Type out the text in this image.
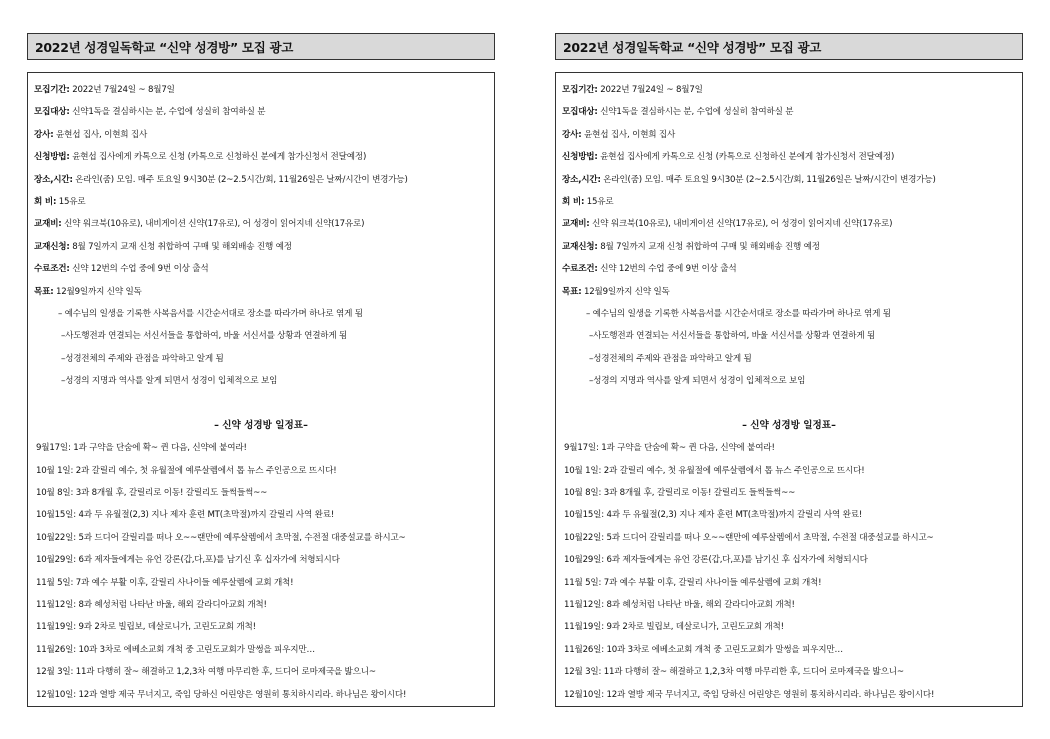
2022년 성경일독학교 “신약 성경방” 모집 광고
모집기간: 2022년 7월24일 ~ 8월7일
모집대상: 신약1독을 결심하시는 분, 수업에 성실히 참여하실 분
강사: 윤현섭 집사, 이현희 집사
신청방법: 윤현섭 집사에게 카톡으로 신청 (카톡으로 신청하신 분에게 참가신청서 전달예정)
장소,시간: 온라인(줌) 모임. 매주 토요일 9시30분 (2~2.5시간/회, 11월26일은 날짜/시간이 변경가능)
회 비: 15유로
교재비: 신약 워크북(10유로), 내비게이션 신약(17유로), 어 성경이 읽어지네 신약(17유로)
교재신청: 8월 7일까지 교재 신청 취합하여 구매 및 해외배송 진행 예정
수료조건: 신약 12번의 수업 중에 9번 이상 출석
목표: 12월9일까지 신약 일독
– 예수님의 일생을 기록한 사복음서를 시간순서대로 장소를 따라가며 하나로 엮게 됨
–사도행전과 연결되는 서신서들을 통합하여, 바울 서신서를 상황과 연결하게 됨
–성경전체의 주제와 관점을 파악하고 알게 됨
–성경의 지명과 역사를 알게 되면서 성경이 입체적으로 보임
– 신약 성경방 일정표–
9월17일: 1과 구약을 단숨에 확~ 퀸 다음, 신약에 붙여라!
10월 1일: 2과 갈릴리 예수, 첫 유월절에 예루살렘에서 톱 뉴스 주인공으로 뜨시다!
10월 8일: 3과 8개월 후, 갈릴리로 이동! 갈릴리도 들썩들썩~~
10월15일: 4과 두 유월절(2,3) 지나 제자 훈련 MT(초막절)까지 갈릴리 사역 완료!
10월22일: 5과 드디어 갈릴리를 떠나 오~~랜만에 예루살렘에서 초막절, 수전절 대중설교를 하시고~
10월29일: 6과 제자들에게는 유언 강론(갑,다,포)를 남기신 후 십자가에 처형되시다
11월 5일: 7과 예수 부활 이후, 갈릴리 사나이들 예루살렘에 교회 개척!
11월12일: 8과 혜성처럼 나타난 바울, 해외 갈라디아교회 개척!
11월19일: 9과 2차로 빌립보, 데살로니가, 고린도교회 개척!
11월26일: 10과 3차로 에베소교회 개척 중 고린도교회가 말썽을 피우지만…
12월 3일: 11과 다행히 잘~ 해결하고 1,2,3차 여행 마무리한 후, 드디어 로마제국을 밟으니~
12월10일: 12과 열방 제국 무너지고, 죽임 당하신 어린양은 영원히 통치하시리라. 하나님은 왕이시다!
2022년 성경일독학교 “신약 성경방” 모집 광고
모집기간: 2022년 7월24일 ~ 8월7일
모집대상: 신약1독을 결심하시는 분, 수업에 성실히 참여하실 분
강사: 윤현섭 집사, 이현희 집사
신청방법: 윤현섭 집사에게 카톡으로 신청 (카톡으로 신청하신 분에게 참가신청서 전달예정)
장소,시간: 온라인(줌) 모임. 매주 토요일 9시30분 (2~2.5시간/회, 11월26일은 날짜/시간이 변경가능)
회 비: 15유로
교재비: 신약 워크북(10유로), 내비게이션 신약(17유로), 어 성경이 읽어지네 신약(17유로)
교재신청: 8월 7일까지 교재 신청 취합하여 구매 및 해외배송 진행 예정
수료조건: 신약 12번의 수업 중에 9번 이상 출석
목표: 12월9일까지 신약 일독
– 예수님의 일생을 기록한 사복음서를 시간순서대로 장소를 따라가며 하나로 엮게 됨
–사도행전과 연결되는 서신서들을 통합하여, 바울 서신서를 상황과 연결하게 됨
–성경전체의 주제와 관점을 파악하고 알게 됨
–성경의 지명과 역사를 알게 되면서 성경이 입체적으로 보임
– 신약 성경방 일정표–
9월17일: 1과 구약을 단숨에 확~ 퀸 다음, 신약에 붙여라!
10월 1일: 2과 갈릴리 예수, 첫 유월절에 예루살렘에서 톱 뉴스 주인공으로 뜨시다!
10월 8일: 3과 8개월 후, 갈릴리로 이동! 갈릴리도 들썩들썩~~
10월15일: 4과 두 유월절(2,3) 지나 제자 훈련 MT(초막절)까지 갈릴리 사역 완료!
10월22일: 5과 드디어 갈릴리를 떠나 오~~랜만에 예루살렘에서 초막절, 수전절 대중설교를 하시고~
10월29일: 6과 제자들에게는 유언 강론(갑,다,포)를 남기신 후 십자가에 처형되시다
11월 5일: 7과 예수 부활 이후, 갈릴리 사나이들 예루살렘에 교회 개척!
11월12일: 8과 혜성처럼 나타난 바울, 해외 갈라디아교회 개척!
11월19일: 9과 2차로 빌립보, 데살로니가, 고린도교회 개척!
11월26일: 10과 3차로 에베소교회 개척 중 고린도교회가 말썽을 피우지만…
12월 3일: 11과 다행히 잘~ 해결하고 1,2,3차 여행 마무리한 후, 드디어 로마제국을 밟으니~
12월10일: 12과 열방 제국 무너지고, 죽임 당하신 어린양은 영원히 통치하시리라. 하나님은 왕이시다!
